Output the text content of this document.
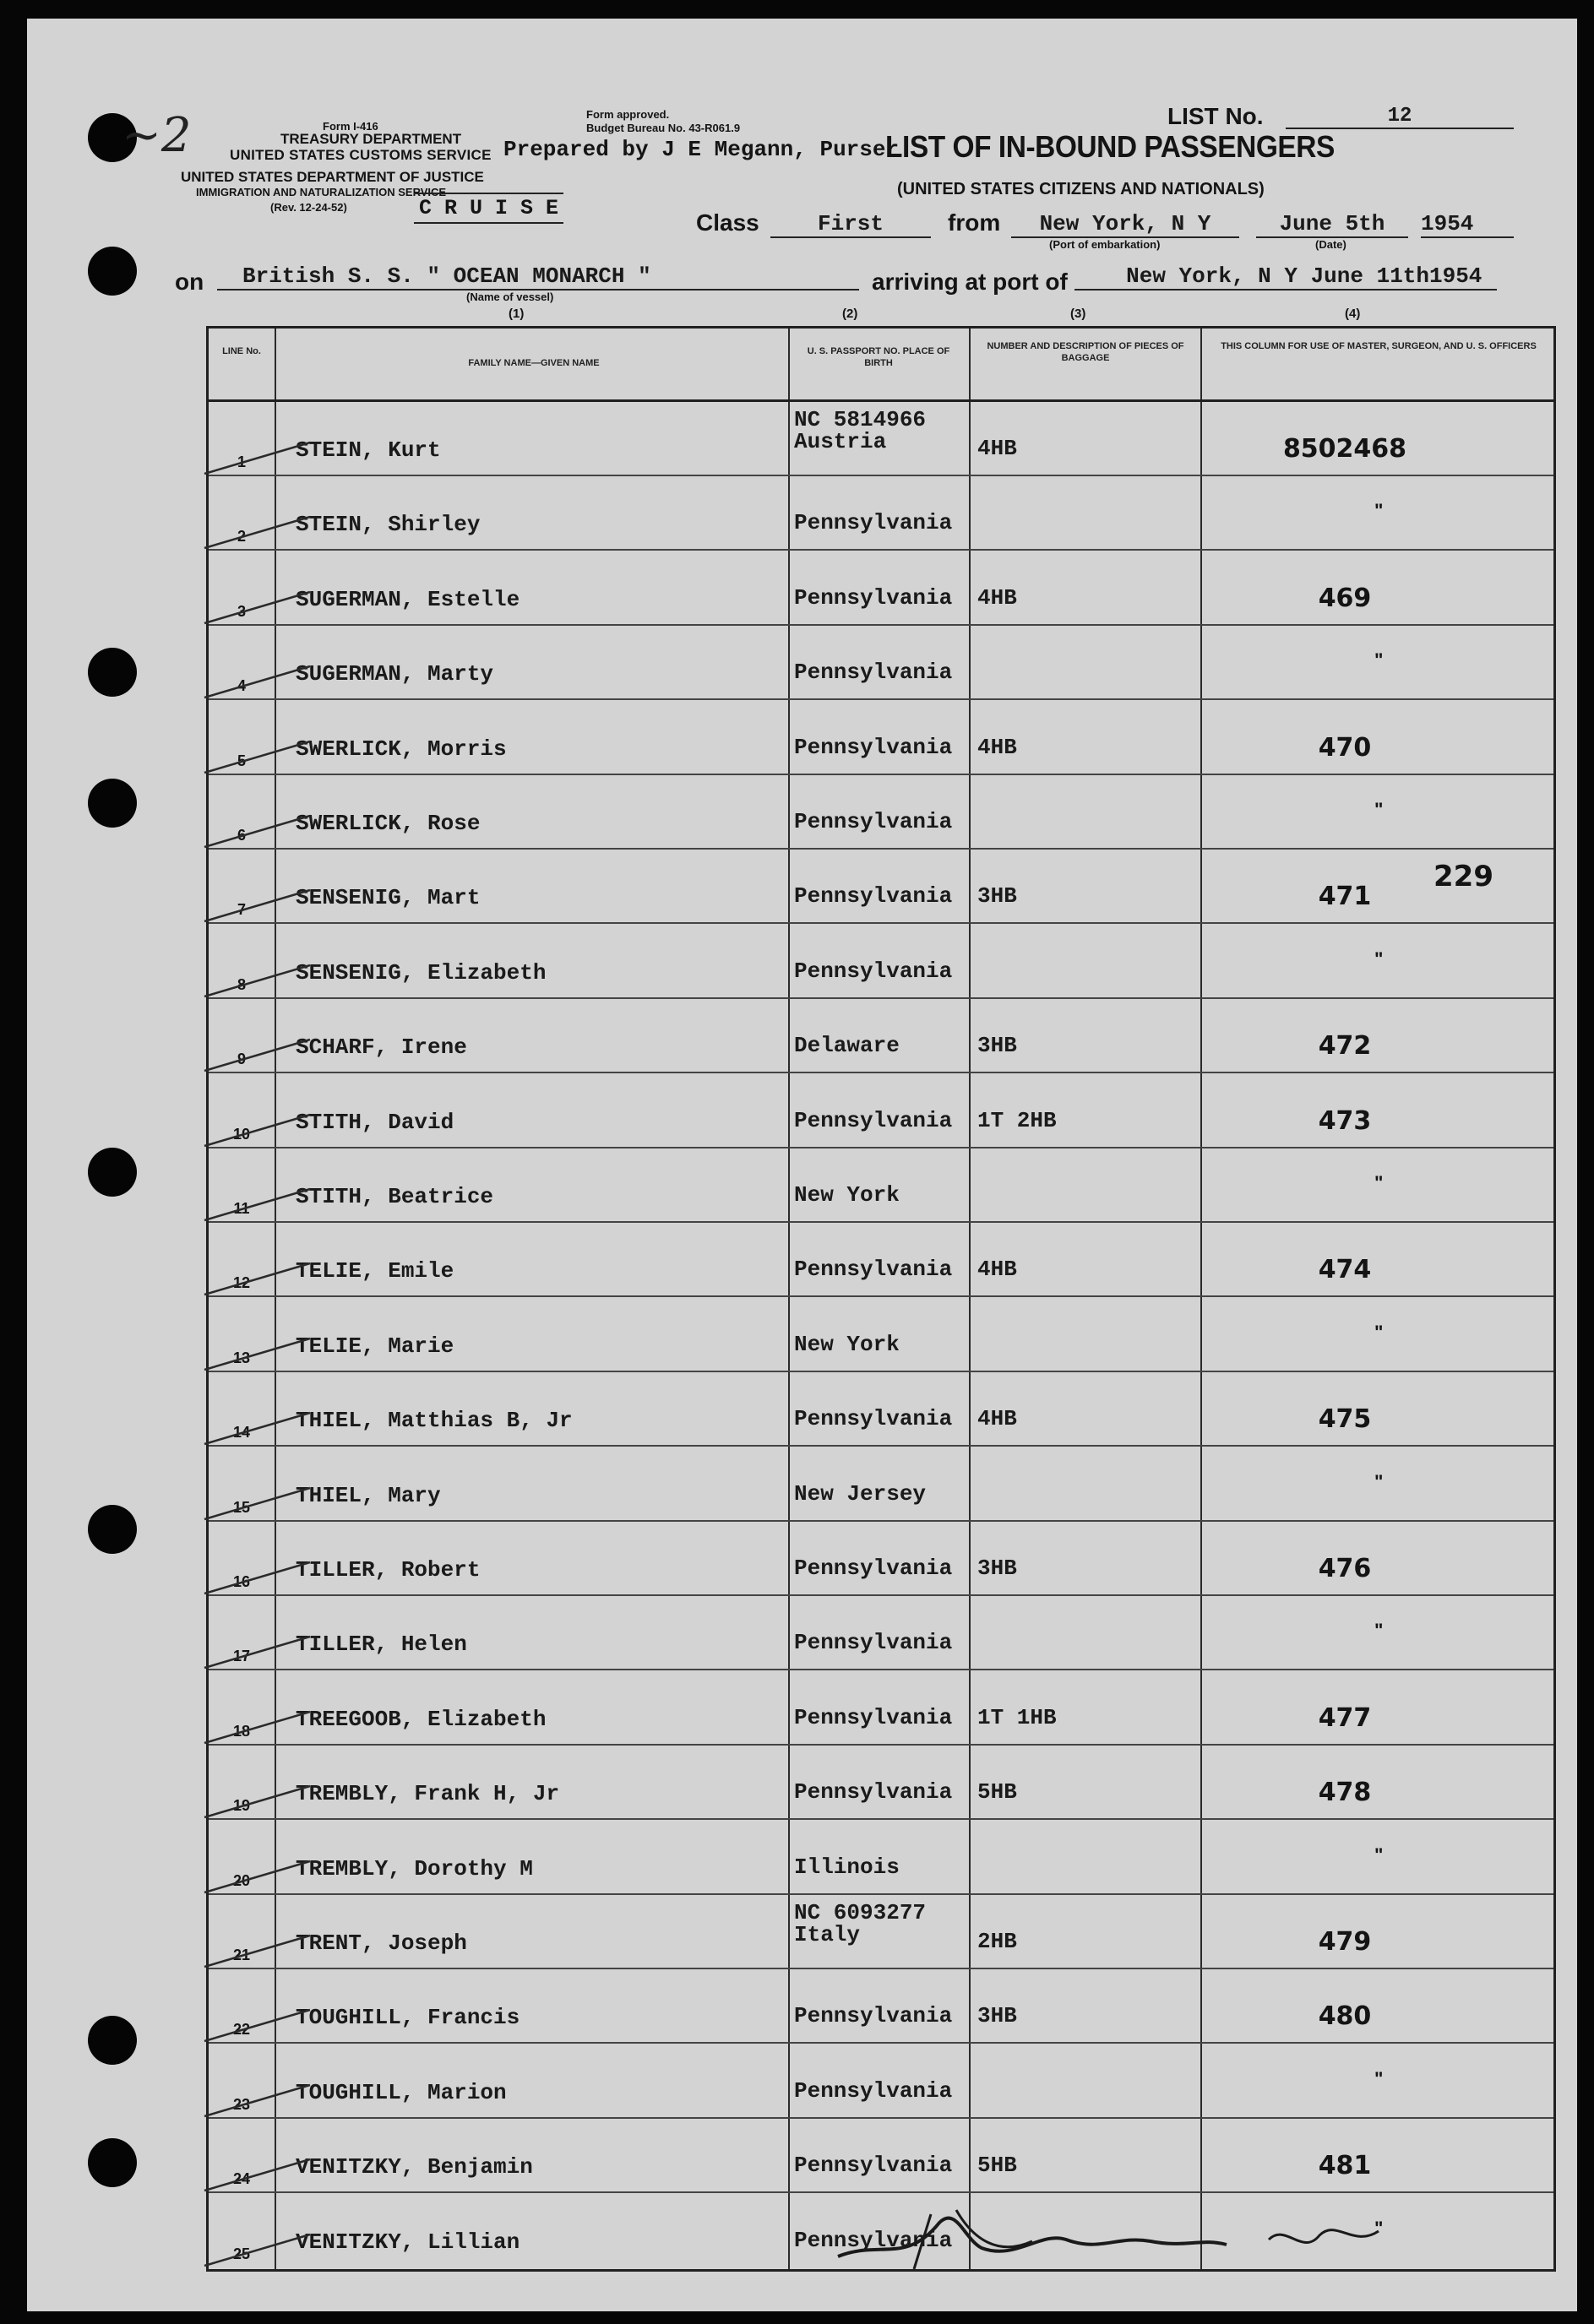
~2	Form I-416
TREASURY DEPARTMENT
UNITED STATES CUSTOMS SERVICE
UNITED STATES DEPARTMENT OF JUSTICE
IMMIGRATION AND NATURALIZATION SERVICE
(Rev. 12-24-52)	C R U I S E
Form approved.
Budget Bureau No. 43-R061.9
Prepared by J E Megann, Purser
LIST No.	12
LIST OF IN-BOUND PASSENGERS
(UNITED STATES CITIZENS AND NATIONALS)
Class	First	from	New York, N Y
(Port of embarkation)
June 5th
(Date)
1954
on	British S. S. " OCEAN MONARCH "
(Name of vessel)
arriving at port of	New York, N Y June 11th 1954
(1)	(2)	(3)	(4)
229
LINE No.
FAMILY NAME—GIVEN NAME
U. S. PASSPORT NO. PLACE OF BIRTH
NUMBER AND DESCRIPTION OF PIECES OF BAGGAGE
THIS COLUMN FOR USE OF MASTER, SURGEON, AND U. S. OFFICERS
1	STEIN, Kurt
NC 5814966
Austria	4HB	8502468
2	STEIN, Shirley	Pennsylvania	"
3	SUGERMAN, Estelle	Pennsylvania 4HB	469
4	SUGERMAN, Marty	Pennsylvania	"
5	SWERLICK, Morris	Pennsylvania 4HB	470
6	SWERLICK, Rose	Pennsylvania	"
7	SENSENIG, Mart	Pennsylvania 3HB	471
8	SENSENIG, Elizabeth	Pennsylvania	"
9	SCHARF, Irene	Delaware	3HB	472
10	STITH, David	Pennsylvania 1T 2HB	473
11	STITH, Beatrice	New York	"
12	TELIE, Emile	Pennsylvania 4HB	474
13	TELIE, Marie	New York	"
14	THIEL, Matthias B, Jr	Pennsylvania 4HB	475
15	THIEL, Mary	New Jersey	"
16	TILLER, Robert	Pennsylvania 3HB	476
17	TILLER, Helen	Pennsylvania	"
18	TREEGOOB, Elizabeth	Pennsylvania 1T 1HB	477
19	TREMBLY, Frank H, Jr	Pennsylvania 5HB	478
20	TREMBLY, Dorothy M	Illinois	"
21	TRENT, Joseph
NC 6093277
Italy	2HB	479
22	TOUGHILL, Francis	Pennsylvania 3HB	480
23	TOUGHILL, Marion	Pennsylvania	"
24	VENITZKY, Benjamin	Pennsylvania 5HB	481
25	VENITZKY, Lillian	Pennsylvania	"
